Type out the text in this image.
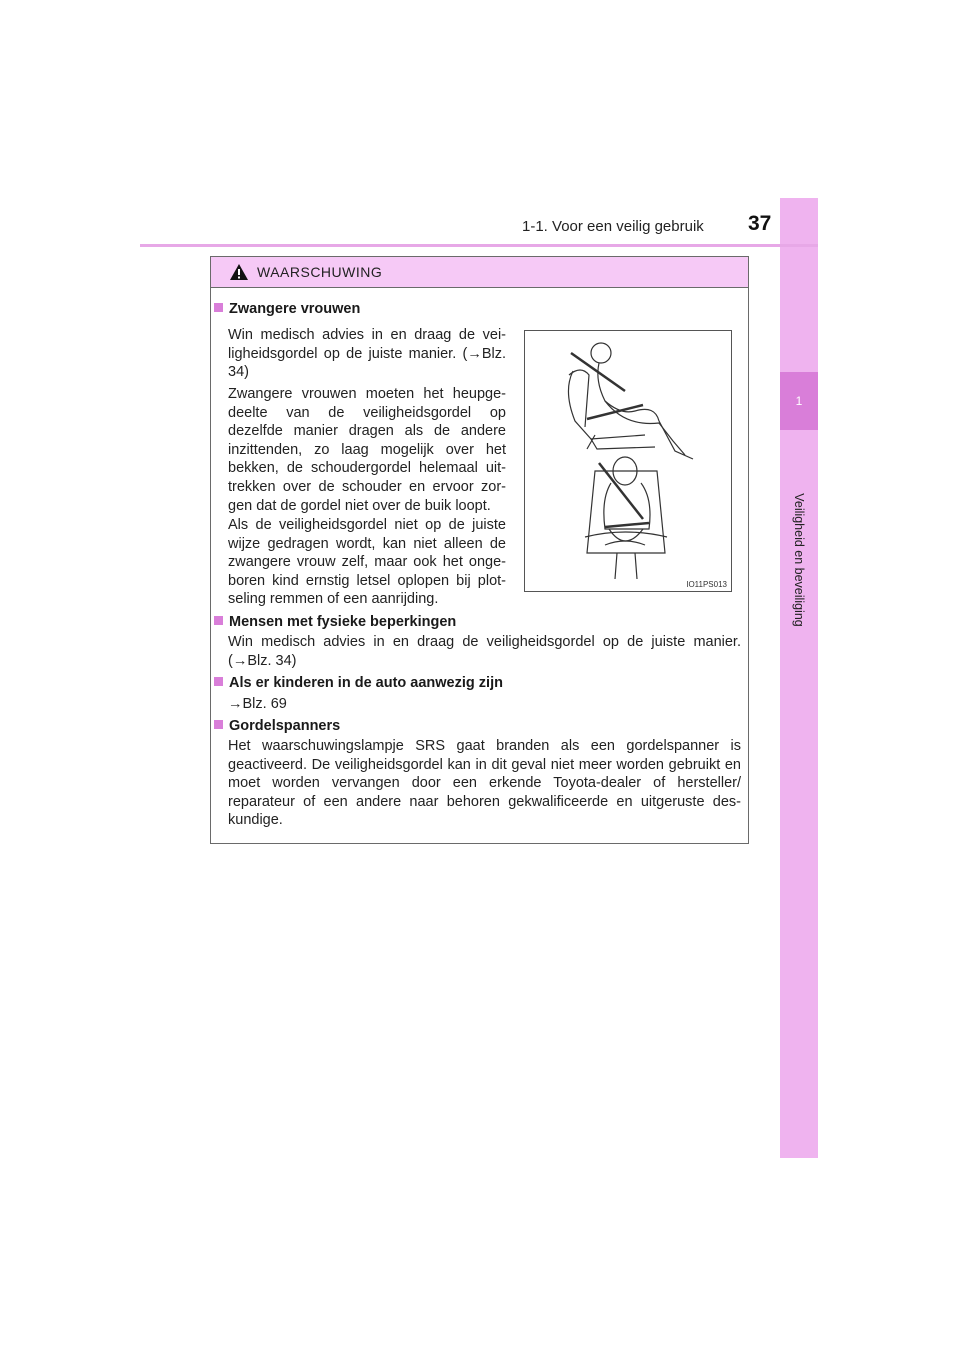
1
Veiligheid en beveiliging
1-1. Voor een veilig gebruik 37
WAARSCHUWING
Zwangere vrouwen
Win medisch advies in en draag de vei-ligheidsgordel op de juiste manier. (→Blz. 34)
Zwangere vrouwen moeten het heupge-deelte van de veiligheidsgordel op dezelfde manier dragen als de andere inzittenden, zo laag mogelijk over het bekken, de schoudergordel helemaal uit-trekken over de schouder en ervoor zor-gen dat de gordel niet over de buik loopt.
Als de veiligheidsgordel niet op de juiste wijze gedragen wordt, kan niet alleen de zwangere vrouw zelf, maar ook het onge-boren kind ernstig letsel oplopen bij plot-seling remmen of een aanrijding.
IO11PS013
Mensen met fysieke beperkingen
Win medisch advies in en draag de veiligheidsgordel op de juiste manier. (→Blz. 34)
Als er kinderen in de auto aanwezig zijn
→Blz. 69
Gordelspanners
Het waarschuwingslampje SRS gaat branden als een gordelspanner is geactiveerd. De veiligheidsgordel kan in dit geval niet meer worden gebruikt en moet worden vervangen door een erkende Toyota-dealer of hersteller/ reparateur of een andere naar behoren gekwalificeerde en uitgeruste des-kundige.
